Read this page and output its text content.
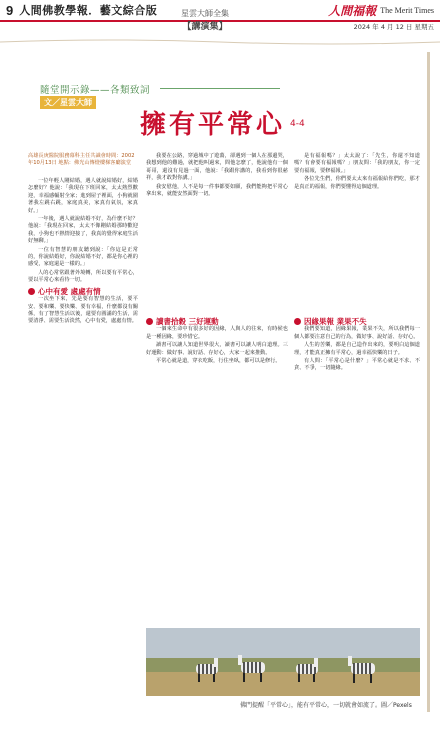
9 人間佛教學報．藝文綜合版	人間福報 The Merit Times
2024 年 4 月 12 日 星期五
星雲大師全集
【講演集】
隨堂開示錄——各類致詞
文／星雲大師
擁有平常心 4-4
高雄長庚醫院服務幕科主任共識會時間：2002年10月13日 地點：佛光山傳燈樓梯客廳演堂

一位年輕人剛結婚，遇人就說結婚好，結婚怎麼好？他說：「我現在下班回家，太太熱烈歡迎，幸福感輻射全家；進到屋子裡面，小狗就圍著我左跳右跳，家庭真美，家真有氣氛，家真好。」

一年後，遇人就說結婚不好，為什麼不好？他說：「我現在回家，太太不像剛結婚那時歡迎我，小狗也不熱情迎接了，我真的覺得家庭生活好無聊。」

一位有智慧的朋友聽到說：「你這是正常的，你說結婚好，你說結婚不好，都是你心裡的感受，家庭還是一樣的。」

人的心常常跟著外境轉，所以要有平常心，要以平常心來看待一切。

心中有愛 處處有情

一次坐下來，先是要有智慧的生活，要平安、要和樂、要快樂、要有幸福，什麼都沒有關係，有了智慧生活以後，還要有圓滿的生活，需要清淨、需要生活淡然，心中有愛，處處有情。

我要在公路，穿過城中了遊蕩，卻遇到一個人在那邊哭，我想到他的難過，就把他叫過來，問他怎麼了，他說他有一個哥哥，還沒有見過一面，他說：「我跟你講的，我看到你很慈祥，我才敢對你講。」

我安慰他，人不是每一件事都要如願，我們能夠把平常心拿出來，就能安然面對一切。

是有福報嗎？」太太說了：「先生，你還不知道嗎？有會要有福報嗎？」朋友問：「我的朋友，你一定要有福報，要修福報。」

各位先生們，你們要太太來有福報給你們吃，那才是真正的福報，你們要懂得這個道理。

讀書拾穀 三好運動

一個來生命中有很多好的因緣，人與人的往來，有時候也是一種因緣，要珍惜它。

讀書可以讓人知道世界很大，讀書可以讓人明白道理。三好運動：做好事、說好話、存好心，大家一起來推動。

平常心就是道，穿衣吃飯，行住坐臥，都可以是修行。

因緣果報 業果不失

我們要知道，因緣果報，業果不失，所以我們每一個人都要注意自己的行為，做好事、說好話、存好心。

人生的苦樂，都是自己造作出來的，要明白這個道理，才能真正擁有平常心，過幸福快樂的日子。

有人問：「平常心是什麼？」平常心就是不求、不貪、不爭，一切隨緣。

佛門提醒「平常心」，能有平常心，一切就會如流了。圖／Pexels
